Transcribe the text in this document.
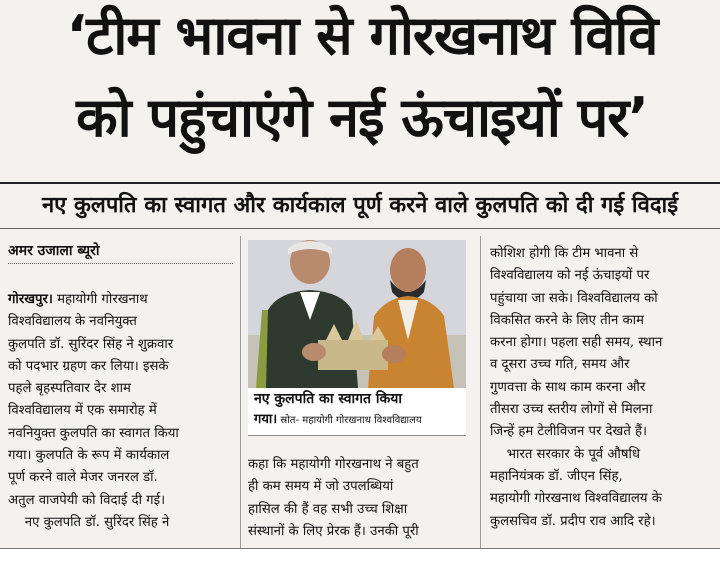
‘टीम भावना से गोरखनाथ विवि
को पहुंचाएंगे नई ऊंचाइयों पर’
नए कुलपति का स्वागत और कार्यकाल पूर्ण करने वाले कुलपति को दी गई विदाई
अमर उजाला ब्यूरो

गोरखपुर। महायोगी गोरखनाथ

विश्वविद्यालय के नवनियुक्त

कुलपति डॉ. सुरिंदर सिंह ने शुक्रवार

को पदभार ग्रहण कर लिया। इसके

पहले बृहस्पतिवार देर शाम

विश्वविद्यालय में एक समारोह में

नवनियुक्त कुलपति का स्वागत किया

गया। कुलपति के रूप में कार्यकाल

पूर्ण करने वाले मेजर जनरल डॉ.

अतुल वाजपेयी को विदाई दी गई।

नए कुलपति डॉ. सुरिंदर सिंह ने

नए कुलपति का स्वागत किया
गया। स्रोत- महायोगी गोरखनाथ विश्वविद्यालय

कहा कि महायोगी गोरखनाथ ने बहुत

ही कम समय में जो उपलब्धियां

हासिल की हैं वह सभी उच्च शिक्षा

संस्थानों के लिए प्रेरक हैं। उनकी पूरी

कोशिश होगी कि टीम भावना से

विश्वविद्यालय को नई ऊंचाइयों पर

पहुंचाया जा सके। विश्वविद्यालय को

विकसित करने के लिए तीन काम

करना होगा। पहला सही समय, स्थान

व दूसरा उच्च गति, समय और

गुणवत्ता के साथ काम करना और

तीसरा उच्च स्तरीय लोगों से मिलना

जिन्हें हम टेलीविजन पर देखते हैं।

भारत सरकार के पूर्व औषधि

महानियंत्रक डॉ. जीएन सिंह,

महायोगी गोरखनाथ विश्वविद्यालय के

कुलसचिव डॉ. प्रदीप राव आदि रहे।
